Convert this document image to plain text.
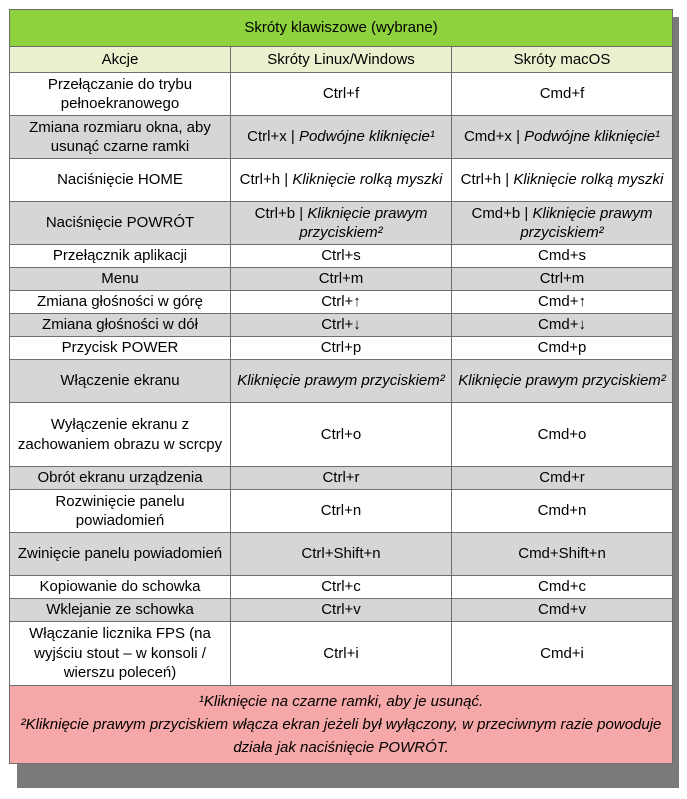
Skróty klawiszowe (wybrane)		
Akcje	Skróty Linux/Windows	Skróty macOS
Przełączanie do trybu pełnoekranowego	Ctrl+f	Cmd+f
Zmiana rozmiaru okna, aby usunąć czarne ramki	Ctrl+x | Podwójne kliknięcie¹	Cmd+x | Podwójne kliknięcie¹
Naciśnięcie HOME	Ctrl+h | Kliknięcie rolką myszki	Ctrl+h | Kliknięcie rolką myszki
Naciśnięcie POWRÓT	Ctrl+b | Kliknięcie prawym przyciskiem²	Cmd+b | Kliknięcie prawym przyciskiem²
Przełącznik aplikacji	Ctrl+s	Cmd+s
Menu	Ctrl+m	Ctrl+m
Zmiana głośności w górę	Ctrl+↑	Cmd+↑
Zmiana głośności w dół	Ctrl+↓	Cmd+↓
Przycisk POWER	Ctrl+p	Cmd+p
Włączenie ekranu	Kliknięcie prawym przyciskiem²	Kliknięcie prawym przyciskiem²
Wyłączenie ekranu z zachowaniem obrazu w scrcpy	Ctrl+o	Cmd+o
Obrót ekranu urządzenia	Ctrl+r	Cmd+r
Rozwinięcie panelu powiadomień	Ctrl+n	Cmd+n
Zwinięcie panelu powiadomień	Ctrl+Shift+n	Cmd+Shift+n
Kopiowanie do schowka	Ctrl+c	Cmd+c
Wklejanie ze schowka	Ctrl+v	Cmd+v
Włączanie licznika FPS (na wyjściu stout – w konsoli / wierszu poleceń)	Ctrl+i	Cmd+i

¹Kliknięcie na czarne ramki, aby je usunąć.
²Kliknięcie prawym przyciskiem włącza ekran jeżeli był wyłączony, w przeciwnym razie powoduje działa jak naciśnięcie POWRÓT.		
